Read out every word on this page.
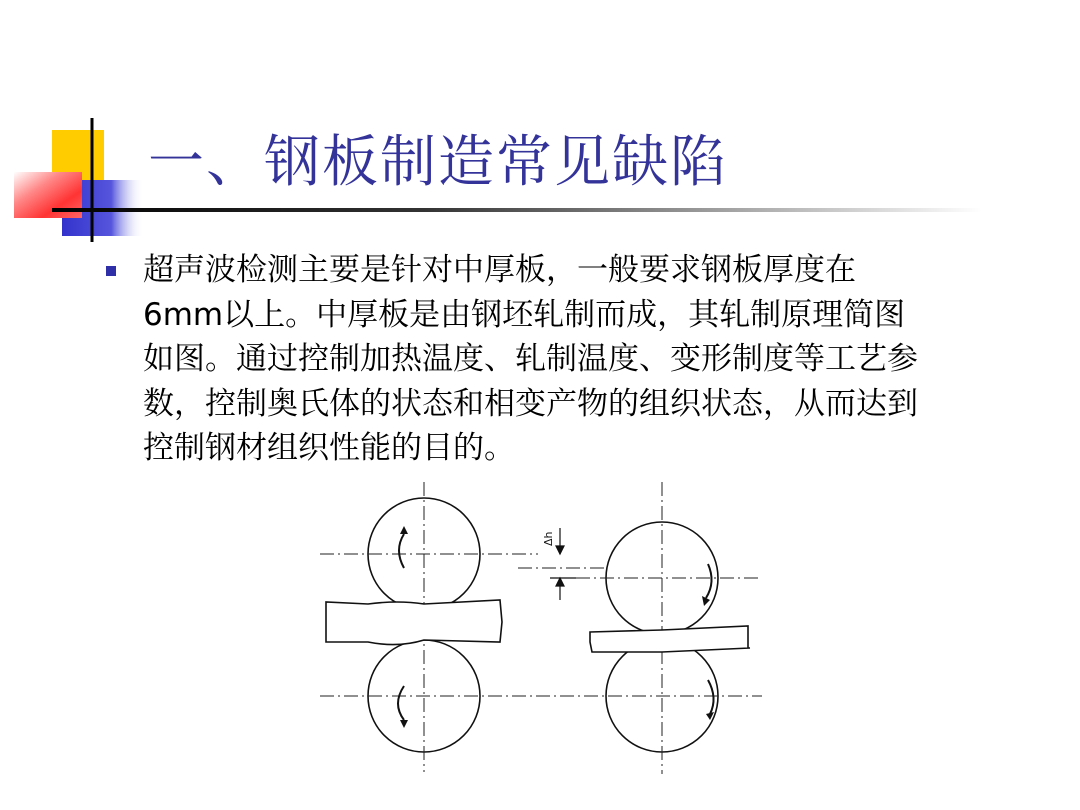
一、钢板制造常见缺陷

超声波检测主要是针对中厚板，一般要求钢板厚度在
6mm以上。中厚板是由钢坯轧制而成，其轧制原理简图
如图。通过控制加热温度、轧制温度、变形制度等工艺参
数，控制奥氏体的状态和相变产物的组织状态，从而达到
控制钢材组织性能的目的。

Δh
